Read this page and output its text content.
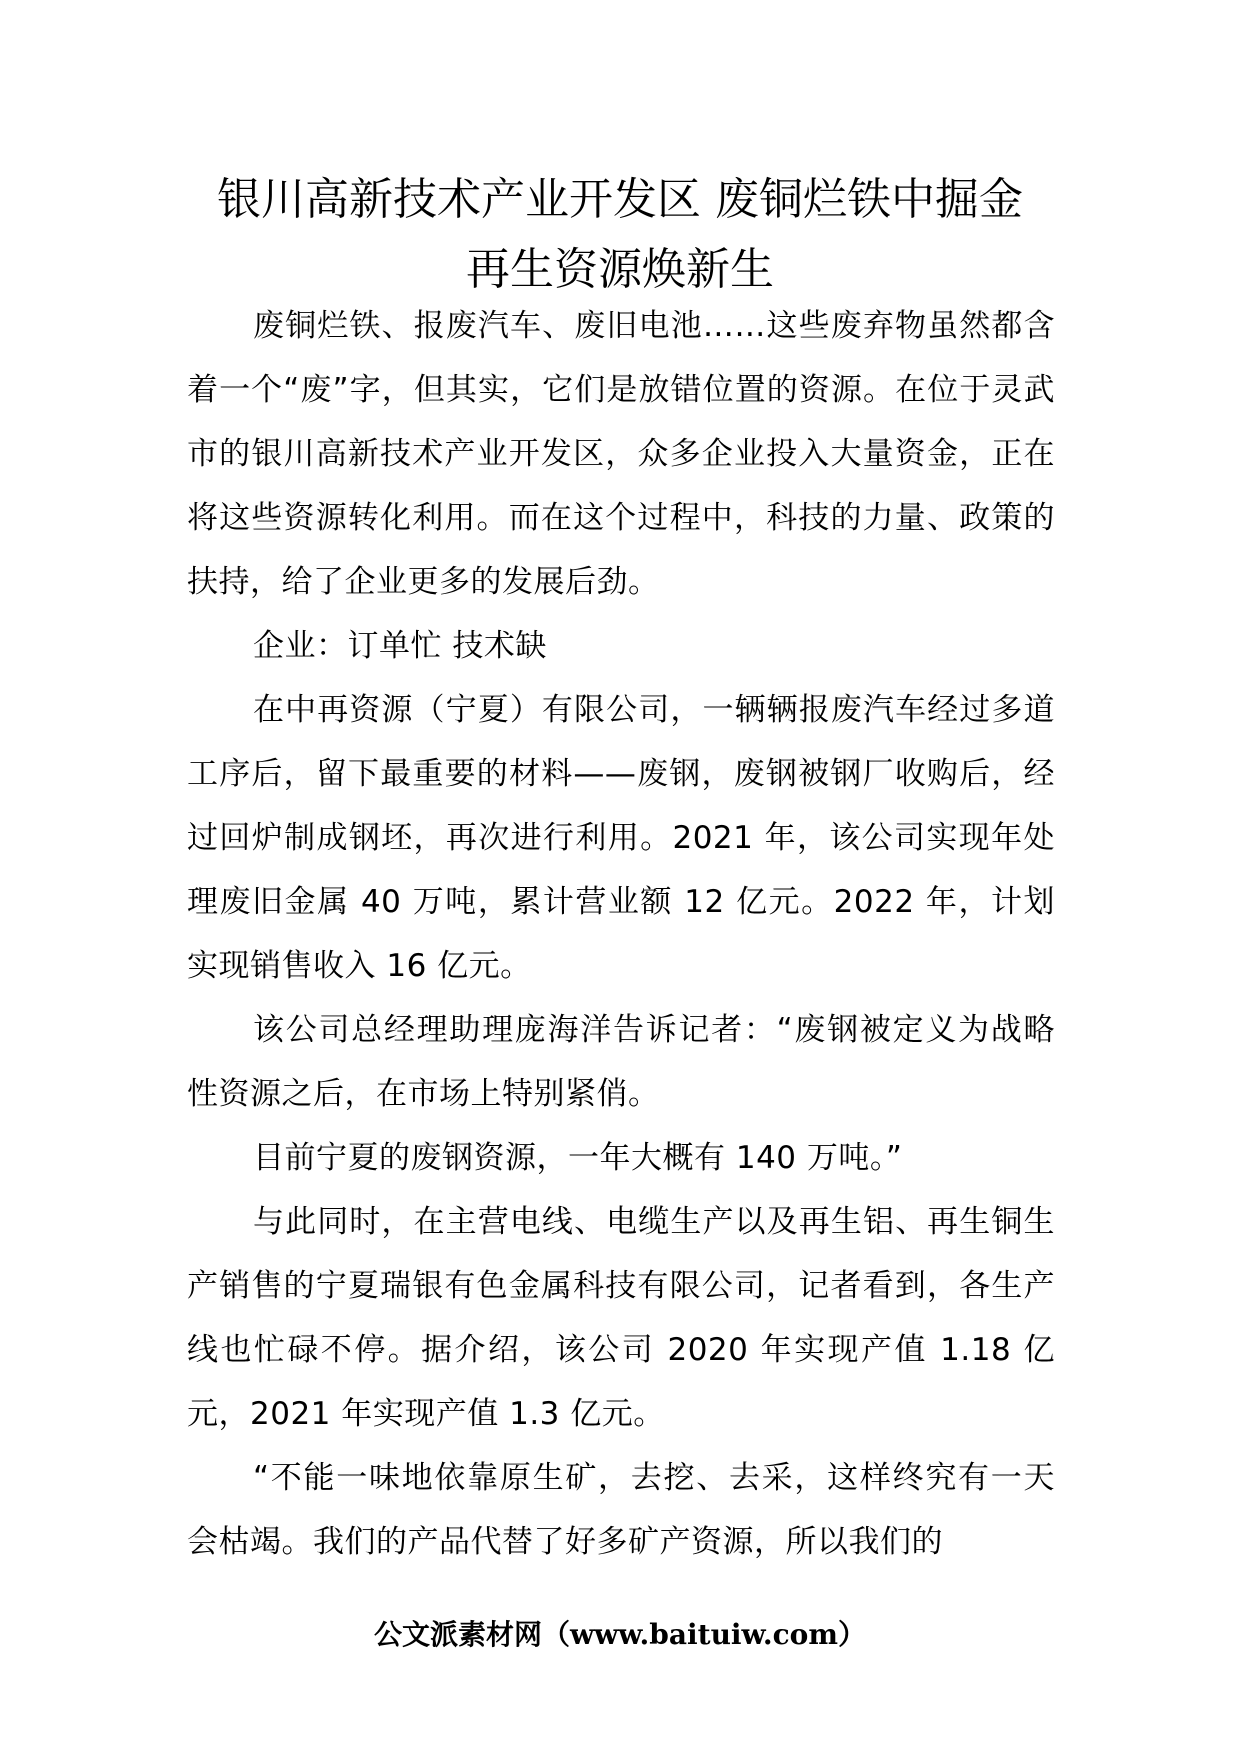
银川高新技术产业开发区 废铜烂铁中掘金
再生资源焕新生

废铜烂铁、报废汽车、废旧电池……这些废弃物虽然都含着一个“废”字，但其实，它们是放错位置的资源。在位于灵武市的银川高新技术产业开发区，众多企业投入大量资金，正在将这些资源转化利用。而在这个过程中，科技的力量、政策的扶持，给了企业更多的发展后劲。

企业：订单忙 技术缺

在中再资源（宁夏）有限公司，一辆辆报废汽车经过多道工序后，留下最重要的材料——废钢，废钢被钢厂收购后，经过回炉制成钢坯，再次进行利用。2021 年，该公司实现年处理废旧金属 40 万吨，累计营业额 12 亿元。2022 年，计划实现销售收入 16 亿元。

该公司总经理助理庞海洋告诉记者：“废钢被定义为战略性资源之后，在市场上特别紧俏。

目前宁夏的废钢资源，一年大概有 140 万吨。”

与此同时，在主营电线、电缆生产以及再生铝、再生铜生产销售的宁夏瑞银有色金属科技有限公司，记者看到，各生产线也忙碌不停。据介绍，该公司 2020 年实现产值 1.18 亿元，2021 年实现产值 1.3 亿元。

“不能一味地依靠原生矿，去挖、去采，这样终究有一天会枯竭。我们的产品代替了好多矿产资源，所以我们的

公文派素材网（www.baituiw.com）
